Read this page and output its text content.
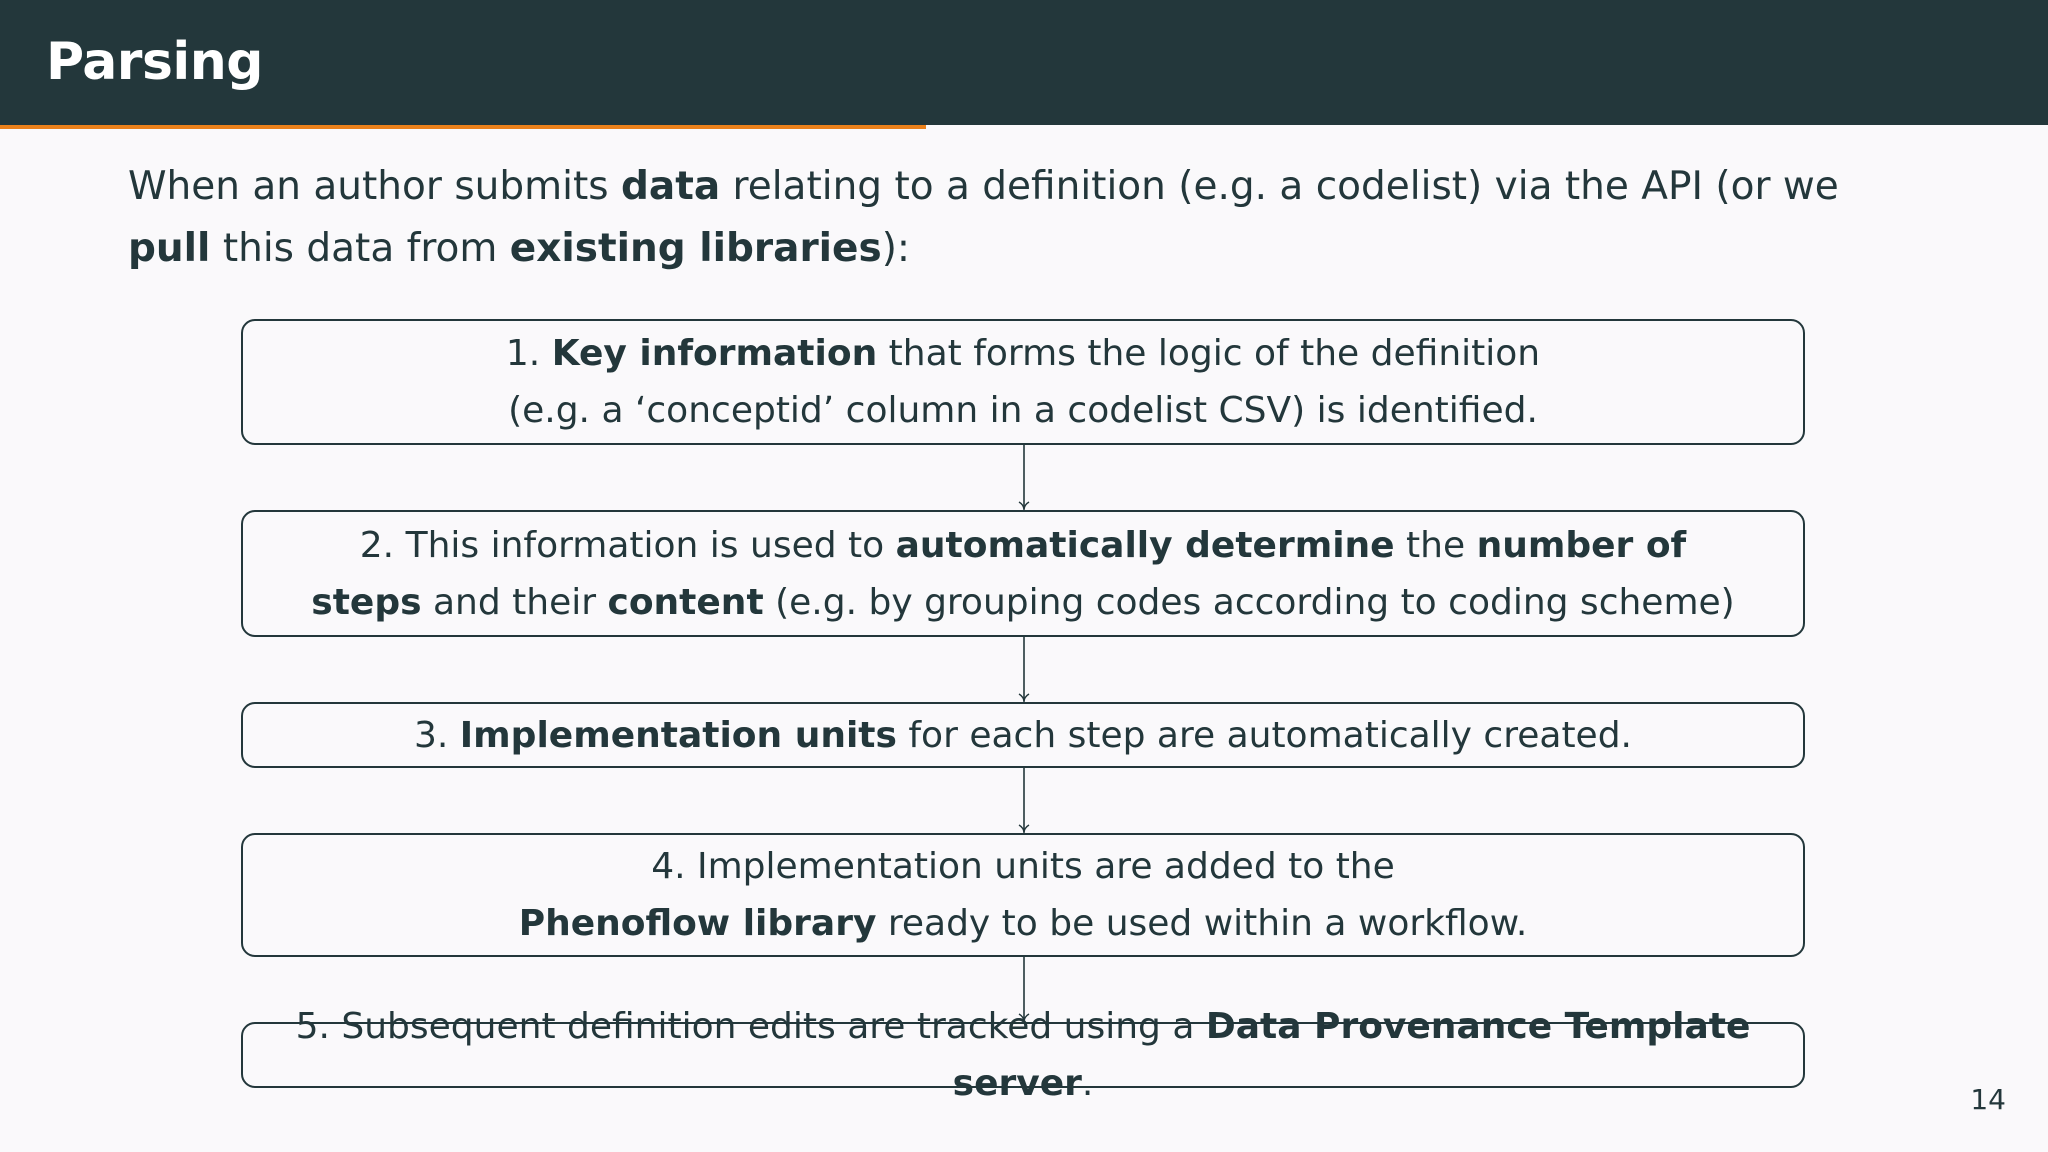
Parsing

When an author submits data relating to a definition (e.g. a codelist) via the API (or we pull this data from existing libraries):

1. Key information that forms the logic of the definition
(e.g. a ‘conceptid’ column in a codelist CSV) is identified.
2. This information is used to automatically determine the number of
steps and their content (e.g. by grouping codes according to coding scheme)
3. Implementation units for each step are automatically created.
4. Implementation units are added to the
Phenoflow library ready to be used within a workflow.
5. Subsequent definition edits are tracked using a Data Provenance Template server.	14
